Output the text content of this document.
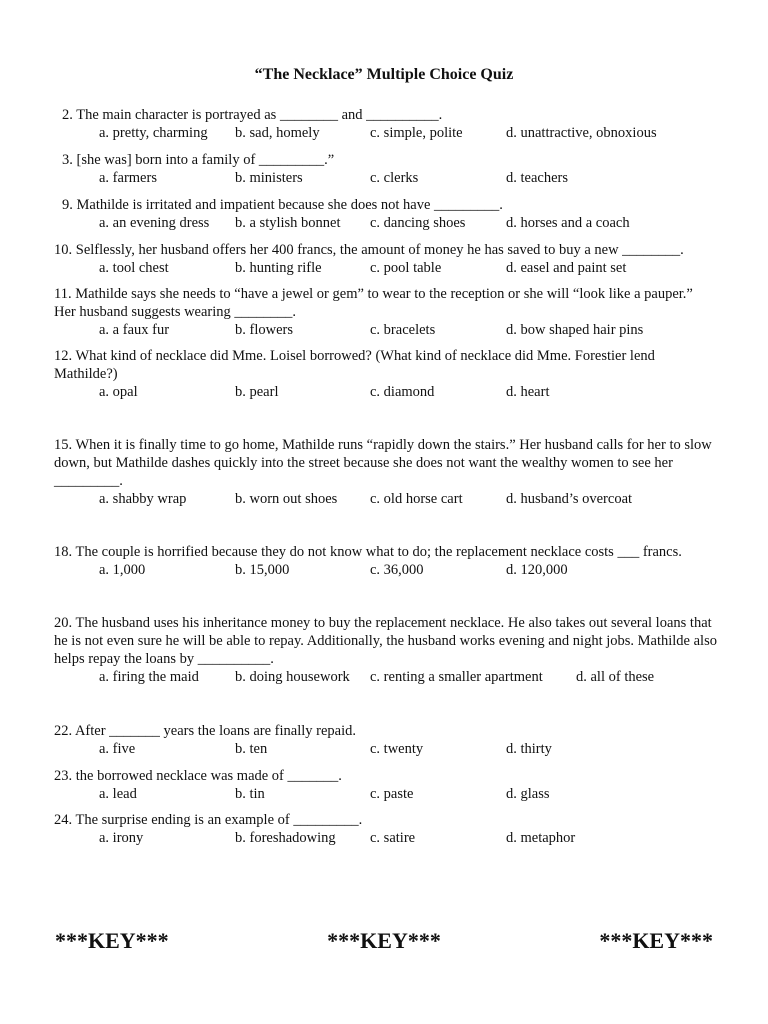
“The Necklace” Multiple Choice Quiz
2. The main character is portrayed as ________ and __________.
a. pretty, charming b. sad, homely	c. simple, polite	d. unattractive, obnoxious
3. [she was] born into a family of _________.”
a. farmers	b. ministers	c. clerks	d. teachers
9. Mathilde is irritated and impatient because she does not have _________.
a. an evening dress b. a stylish bonnet c. dancing shoes	d. horses and a coach
10. Selflessly, her husband offers her 400 francs, the amount of money he has saved to buy a new ________.
a. tool chest	b. hunting rifle	c. pool table	d. easel and paint set
11. Mathilde says she needs to “have a jewel or gem” to wear to the reception or she will “look like a pauper.” Her husband suggests wearing ________.
a. a faux fur	b. flowers	c. bracelets	d. bow shaped hair pins
12. What kind of necklace did Mme. Loisel borrowed? (What kind of necklace did Mme. Forestier lend Mathilde?)
a. opal	b. pearl	c. diamond	d. heart
15. When it is finally time to go home, Mathilde runs “rapidly down the stairs.” Her husband calls for her to slow down, but Mathilde dashes quickly into the street because she does not want the wealthy women to see her _________.
a. shabby wrap	b. worn out shoes c. old horse cart	d. husband’s overcoat
18. The couple is horrified because they do not know what to do; the replacement necklace costs ___ francs.
a. 1,000	b. 15,000	c. 36,000	d. 120,000
20. The husband uses his inheritance money to buy the replacement necklace. He also takes out several loans that he is not even sure he will be able to repay. Additionally, the husband works evening and night jobs. Mathilde also helps repay the loans by __________.
a. firing the maid b. doing housework c. renting a smaller apartment d. all of these
22. After _______ years the loans are finally repaid.
a. five	b. ten	c. twenty	d. thirty
23. the borrowed necklace was made of _______.
a. lead	b. tin	c. paste	d. glass
24. The surprise ending is an example of _________.
a. irony	b. foreshadowing c. satire	d. metaphor
***KEY***	***KEY***	***KEY***
